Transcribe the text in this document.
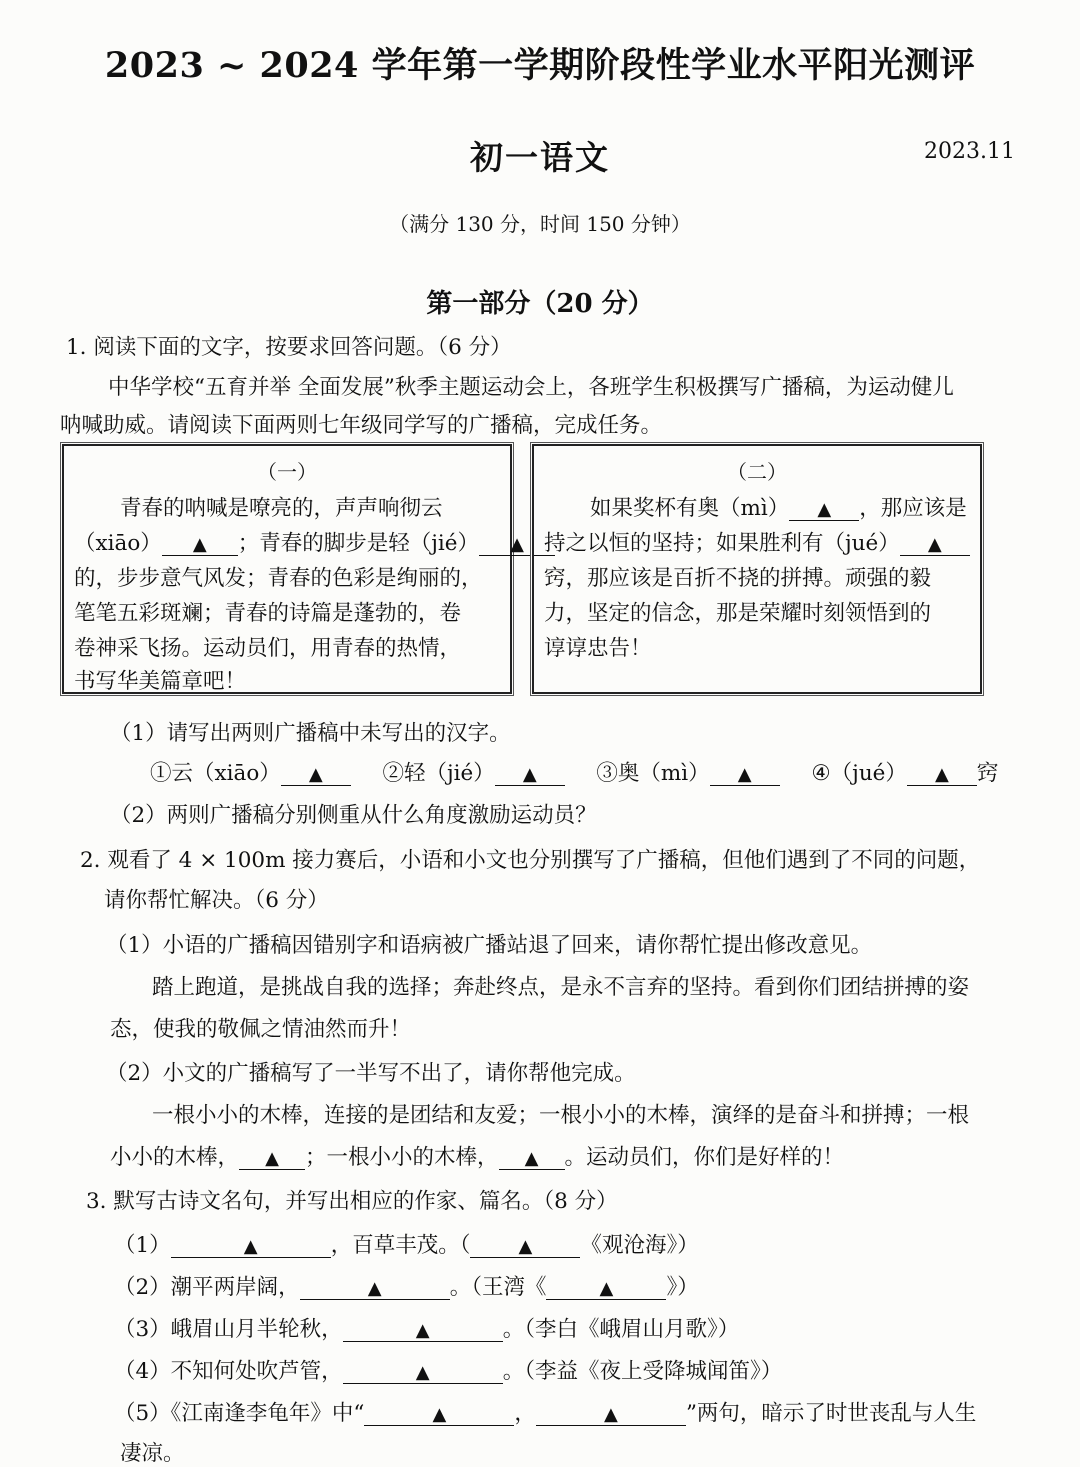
2023 ~ 2024 学年第一学期阶段性学业水平阳光测评
初一语文	2023.11
（满分 130 分，时间 150 分钟）
第一部分（20 分）
1. 阅读下面的文字，按要求回答问题。（6 分）
中华学校“五育并举 全面发展”秋季主题运动会上，各班学生积极撰写广播稿，为运动健儿
呐喊助威。请阅读下面两则七年级同学写的广播稿，完成任务。
（一）
青春的呐喊是嘹亮的，声声响彻云
（xiāo） ▲ ；青春的脚步是轻（jié） ▲
的，步步意气风发；青春的色彩是绚丽的，
笔笔五彩斑斓；青春的诗篇是蓬勃的，卷
卷神采飞扬。运动员们，用青春的热情，
书写华美篇章吧！
（二）
如果奖杯有奥（mì） ▲ ，那应该是
持之以恒的坚持；如果胜利有（jué） ▲
窍，那应该是百折不挠的拼搏。顽强的毅
力，坚定的信念，那是荣耀时刻领悟到的
谆谆忠告！
（1）请写出两则广播稿中未写出的汉字。
①云（xiāo） ▲	②轻（jié） ▲	③奥（mì） ▲	④（jué） ▲ 窍
（2）两则广播稿分别侧重从什么角度激励运动员？
2. 观看了 4 × 100m 接力赛后，小语和小文也分别撰写了广播稿，但他们遇到了不同的问题，
请你帮忙解决。（6 分）
（1）小语的广播稿因错别字和语病被广播站退了回来，请你帮忙提出修改意见。
踏上跑道，是挑战自我的选择；奔赴终点，是永不言弃的坚持。看到你们团结拼搏的姿
态，使我的敬佩之情油然而升！
（2）小文的广播稿写了一半写不出了，请你帮他完成。
一根小小的木棒，连接的是团结和友爱；一根小小的木棒，演绎的是奋斗和拼搏；一根
小小的木棒， ▲ ；一根小小的木棒， ▲ 。运动员们，你们是好样的！
3. 默写古诗文名句，并写出相应的作家、篇名。（8 分）
（1）	▲	，百草丰茂。（	▲ 《观沧海》）
（2）潮平两岸阔，	▲	。（王湾《	▲ 》）
（3）峨眉山月半轮秋，	▲	。（李白《峨眉山月歌》）
（4）不知何处吹芦管，	▲	。（李益《夜上受降城闻笛》）
（5）《江南逢李龟年》中“	▲	，	▲	”两句，暗示了时世丧乱与人生
凄凉。
